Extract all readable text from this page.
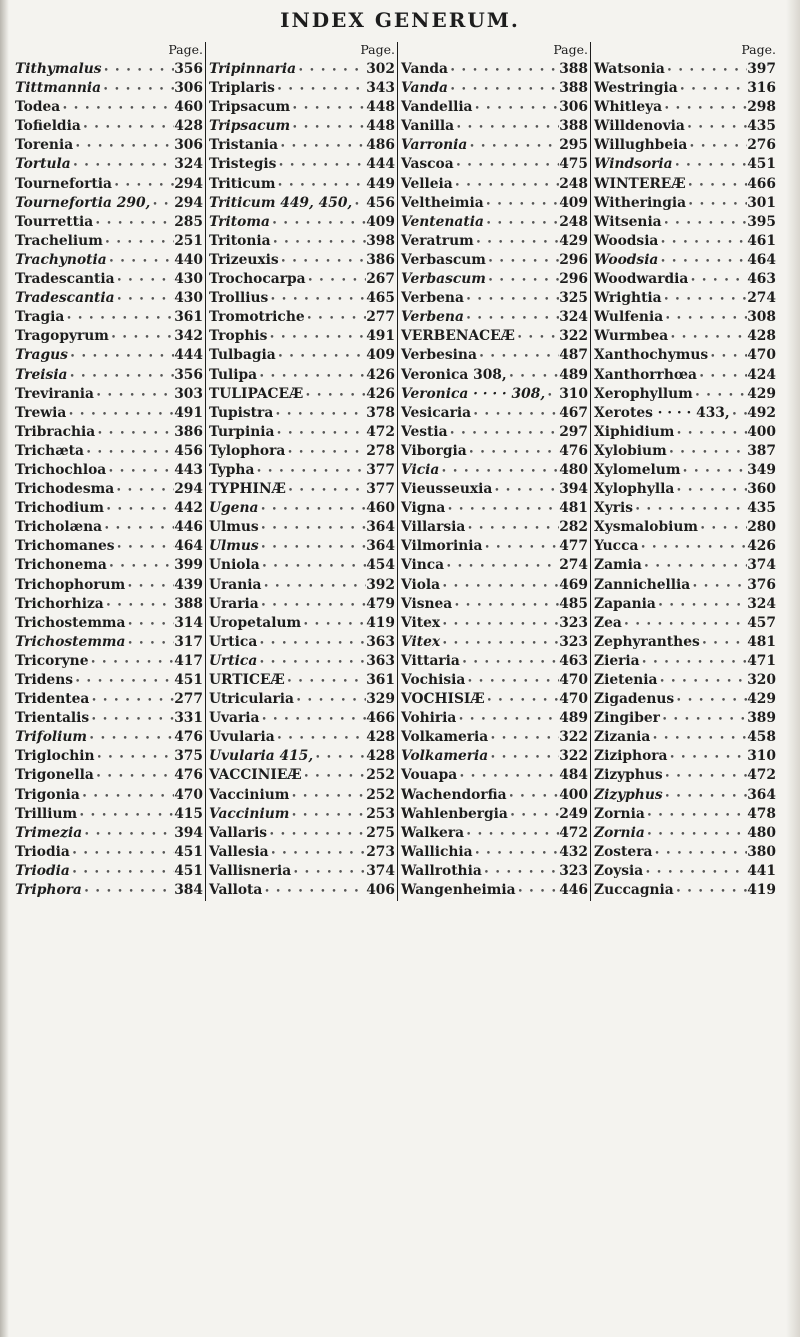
INDEX GENERUM.
Page.
Tithymalus • • •	356
Tittmannia • • •	306
Todea • • •	460
Tofieldia • • •	428
Torenia • • •	306
Tortula • • •	324
Tournefortia • • •	294
Tournefortia 290, • • • 294
Tourrettia • • •	285
Trachelium • • •	251
Trachynotia • • •	440
Tradescantia • • •	430
Tradescantia • • •	430
Tragia • • •	361
Tragopyrum • • •	342
Tragus • • •	444
Treisia • • •	356
Trevirania • • •	303
Trewia • • •	491
Tribrachia • • •	386
Trichæta • • •	456
Trichochloa • • •	443
Trichodesma • • •	294
Trichodium • • •	442
Tricholæna • • •	446
Trichomanes • • •	464
Trichonema • • •	399
Trichophorum • • •	439
Trichorhiza • • •	388
Trichostemma • • •	314
Trichostemma • • •	317
Tricoryne • • •	417
Tridens • • •	451
Tridentea • • •	277
Trientalis • • •	331
Trifolium • • •	476
Triglochin • • •	375
Trigonella • • •	476
Trigonia • • •	470
Trillium • • •	415
Trimezia • • •	394
Triodia • • •	451
Triodia • • •	451
Triphora • • •	384
Page.
Tripinnaria • • •	302
Triplaris • • •	343
Tripsacum • • •	448
Tripsacum • • •	448
Tristania • • •	486
Tristegis • • •	444
Triticum • • •	449
Triticum 449, 450, • • • 456
Tritoma • • •	409
Tritonia • • •	398
Trizeuxis • • •	386
Trochocarpa • • •	267
Trollius • • •	465
Tromotriche • • •	277
Trophis • • •	491
Tulbagia • • •	409
Tulipa • • •	426
TULIPACEÆ • • •	426
Tupistra • • •	378
Turpinia • • •	472
Tylophora • • •	278
Typha • • •	377
TYPHINÆ • • •	377
Ugena • • •	460
Ulmus • • •	364
Ulmus • • •	364
Uniola • • •	454
Urania • • •	392
Uraria • • •	479
Uropetalum • • •	419
Urtica • • •	363
Urtica • • •	363
URTICEÆ • • •	361
Utricularia • • •	329
Uvaria • • •	466
Uvularia • • •	428
Uvularia 415, • • •	428
VACCINIEÆ • • •	252
Vaccinium • • •	252
Vaccinium • • •	253
Vallaris • • •	275
Vallesia • • •	273
Vallisneria • • •	374
Vallota • • •	406
Page.
Vanda • • •	388
Vanda • • •	388
Vandellia • • •	306
Vanilla • • •	388
Varronia • • •	295
Vascoa • • •	475
Velleia • • •	248
Veltheimia • • •	409
Ventenatia • • •	248
Veratrum • • •	429
Verbascum • • •	296
Verbascum • • •	296
Verbena • • •	325
Verbena • • •	324
VERBENACEÆ • • •	322
Verbesina • • •	487
Veronica 308, • • •	489
Veronica · · · · 308, • • • 310
Vesicaria • • •	467
Vestia • • •	297
Viborgia • • •	476
Vicia • • •	480
Vieusseuxia • • •	394
Vigna • • •	481
Villarsia • • •	282
Vilmorinia • • •	477
Vinca • • •	274
Viola • • •	469
Visnea • • •	485
Vitex • • •	323
Vitex • • •	323
Vittaria • • •	463
Vochisia • • •	470
VOCHISIÆ • • •	470
Vohiria • • •	489
Volkameria • • •	322
Volkameria • • •	322
Vouapa • • •	484
Wachendorfia • • •	400
Wahlenbergia • • •	249
Walkera • • •	472
Wallichia • • •	432
Wallrothia • • •	323
Wangenheimia • • •	446
Page.
Watsonia • • •	397
Westringia • • •	316
Whitleya • • •	298
Willdenovia • • •	435
Willughbeia • • •	276
Windsoria • • •	451
WINTEREÆ • • •	466
Witheringia • • •	301
Witsenia • • •	395
Woodsia • • •	461
Woodsia • • •	464
Woodwardia • • •	463
Wrightia • • •	274
Wulfenia • • •	308
Wurmbea • • •	428
Xanthochymus • • •	470
Xanthorrhœa • • •	424
Xerophyllum • • •	429
Xerotes · · · · 433, • • • 492
Xiphidium • • •	400
Xylobium • • •	387
Xylomelum • • •	349
Xylophylla • • •	360
Xyris • • •	435
Xysmalobium • • •	280
Yucca • • •	426
Zamia • • •	374
Zannichellia • • •	376
Zapania • • •	324
Zea • • •	457
Zephyranthes • • •	481
Zieria • • •	471
Zietenia • • •	320
Zigadenus • • •	429
Zingiber • • •	389
Zizania • • •	458
Ziziphora • • •	310
Zizyphus • • •	472
Zizyphus • • •	364
Zornia • • •	478
Zornia • • •	480
Zostera • • •	380
Zoysia • • •	441
Zuccagnia • • •	419
